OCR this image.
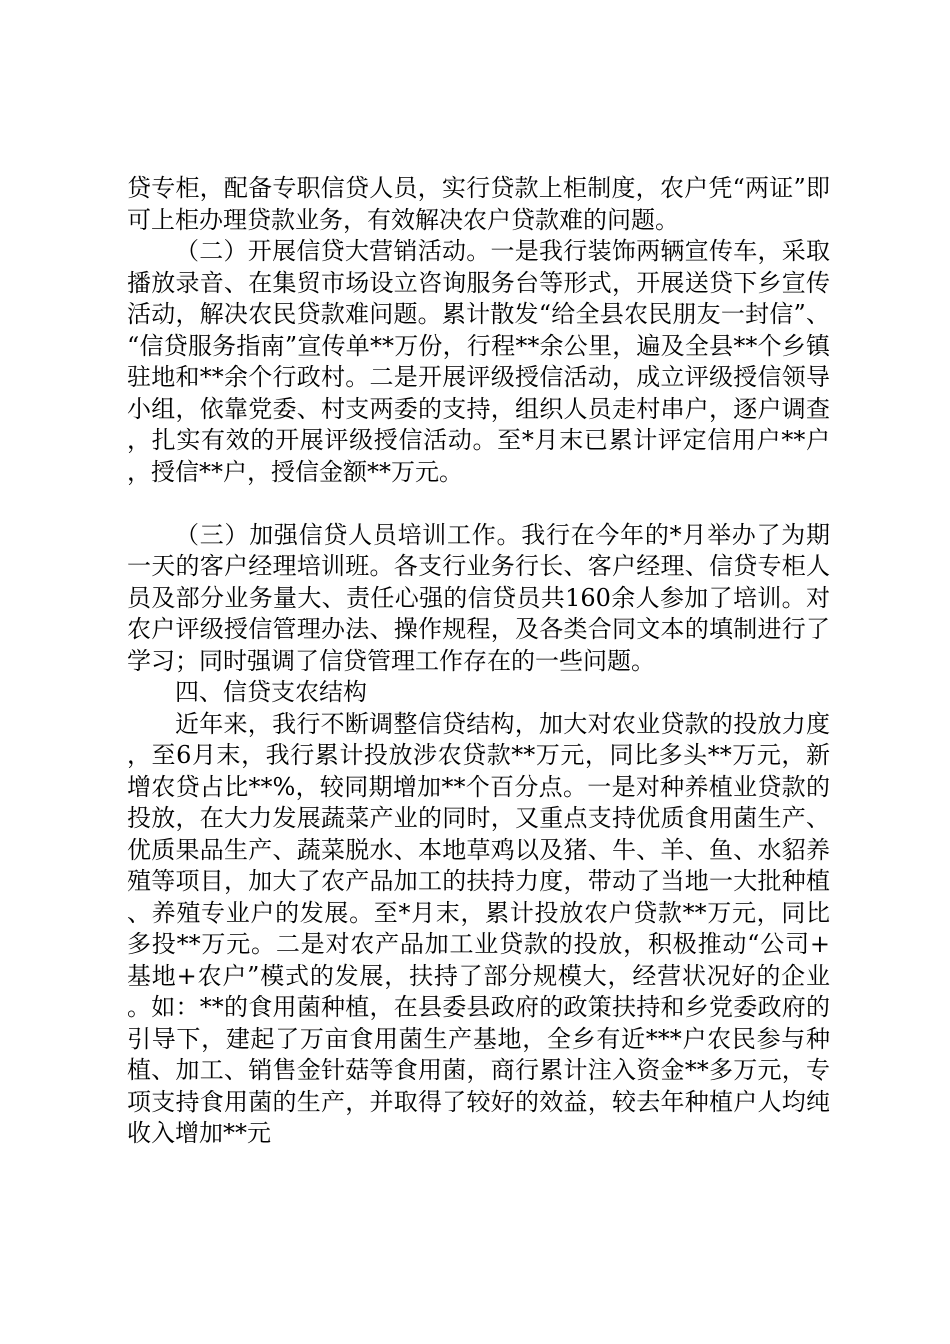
贷专柜，配备专职信贷人员，实行贷款上柜制度，农户凭“两证”即可上柜办理贷款业务，有效解决农户贷款难的问题。

（二）开展信贷大营销活动。一是我行装饰两辆宣传车，采取播放录音、在集贸市场设立咨询服务台等形式，开展送贷下乡宣传活动，解决农民贷款难问题。累计散发“给全县农民朋友一封信”、“信贷服务指南”宣传单**万份，行程**余公里，遍及全县**个乡镇驻地和**余个行政村。二是开展评级授信活动，成立评级授信领导小组，依靠党委、村支两委的支持，组织人员走村串户，逐户调查，扎实有效的开展评级授信活动。至*月末已累计评定信用户**户，授信**户，授信金额**万元。

（三）加强信贷人员培训工作。我行在今年的*月举办了为期一天的客户经理培训班。各支行业务行长、客户经理、信贷专柜人员及部分业务量大、责任心强的信贷员共160余人参加了培训。对农户评级授信管理办法、操作规程，及各类合同文本的填制进行了学习；同时强调了信贷管理工作存在的一些问题。

四、信贷支农结构

近年来，我行不断调整信贷结构，加大对农业贷款的投放力度，至6月末，我行累计投放涉农贷款**万元，同比多头**万元，新增农贷占比**%，较同期增加**个百分点。一是对种养植业贷款的投放，在大力发展蔬菜产业的同时，又重点支持优质食用菌生产、优质果品生产、蔬菜脱水、本地草鸡以及猪、牛、羊、鱼、水貂养殖等项目，加大了农产品加工的扶持力度，带动了当地一大批种植、养殖专业户的发展。至*月末，累计投放农户贷款**万元，同比多投**万元。二是对农产品加工业贷款的投放，积极推动“公司+基地+农户”模式的发展，扶持了部分规模大，经营状况好的企业。如：**的食用菌种植，在县委县政府的政策扶持和乡党委政府的引导下，建起了万亩食用菌生产基地，全乡有近***户农民参与种植、加工、销售金针菇等食用菌，商行累计注入资金**多万元，专项支持食用菌的生产，并取得了较好的效益，较去年种植户人均纯收入增加**元
